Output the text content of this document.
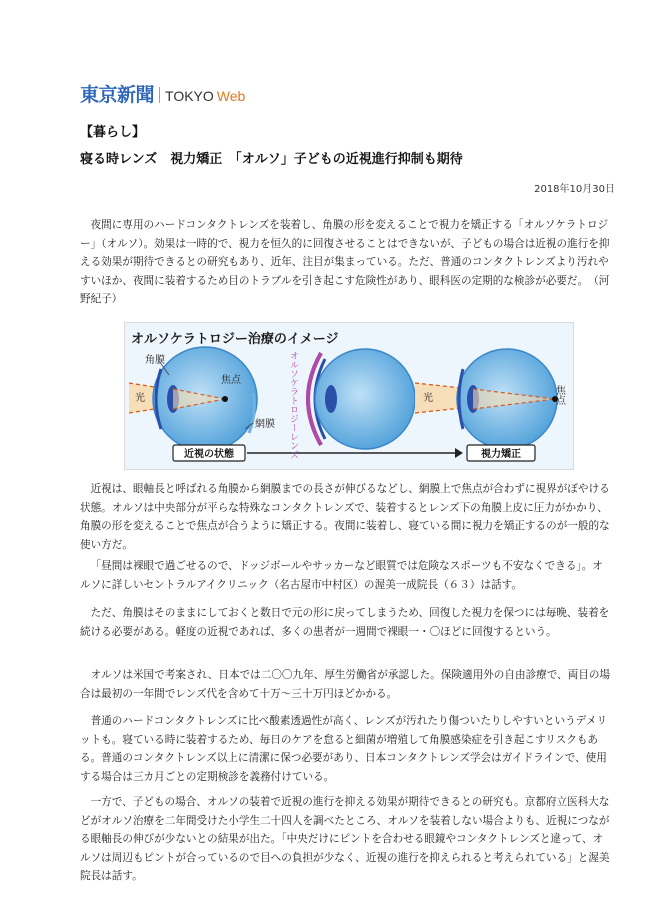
東京新聞 TOKYO Web
【暮らし】
寝る時レンズ　視力矯正　「オルソ」子どもの近視進行抑制も期待
2018年10月30日

夜間に専用のハードコンタクトレンズを装着し、角膜の形を変えることで視力を矯正する「オルソケラトロジー」（オルソ）。効果は一時的で、視力を恒久的に回復させることはできないが、子どもの場合は近視の進行を抑える効果が期待できるとの研究もあり、近年、注目が集まっている。ただ、普通のコンタクトレンズより汚れやすいほか、夜間に装着するため目のトラブルを引き起こす危険性があり、眼科医の定期的な検診が必要だ。　（河野紀子）

オルソケラトロジー治療のイメージ
角膜
光
焦点
網膜
近視の状態	オルソケラトロジーレンズ	光	焦点
視力矯正

近視は、眼軸長と呼ばれる角膜から網膜までの長さが伸びるなどし、網膜上で焦点が合わずに視界がぼやける状態。オルソは中央部分が平らな特殊なコンタクトレンズで、装着するとレンズ下の角膜上皮に圧力がかかり、角膜の形を変えることで焦点が合うように矯正する。夜間に装着し、寝ている間に視力を矯正するのが一般的な使い方だ。

「昼間は裸眼で過ごせるので、ドッジボールやサッカーなど眼質では危険なスポーツも不安なくできる」。オルソに詳しいセントラルアイクリニック（名古屋市中村区）の渥美一成院長（６３）は話す。

ただ、角膜はそのままにしておくと数日で元の形に戻ってしまうため、回復した視力を保つには毎晩、装着を続ける必要がある。軽度の近視であれば、多くの患者が一週間で裸眼一・〇ほどに回復するという。

オルソは米国で考案され、日本では二〇〇九年、厚生労働省が承認した。保険適用外の自由診療で、両目の場合は最初の一年間でレンズ代を含めて十万～三十万円ほどかかる。

普通のハードコンタクトレンズに比べ酸素透過性が高く、レンズが汚れたり傷ついたりしやすいというデメリットも。寝ている時に装着するため、毎日のケアを怠ると細菌が増殖して角膜感染症を引き起こすリスクもある。普通のコンタクトレンズ以上に清潔に保つ必要があり、日本コンタクトレンズ学会はガイドラインで、使用する場合は三カ月ごとの定期検診を義務付けている。

一方で、子どもの場合、オルソの装着で近視の進行を抑える効果が期待できるとの研究も。京都府立医科大などがオルソ治療を二年間受けた小学生二十四人を調べたところ、オルソを装着しない場合よりも、近視につながる眼軸長の伸びが少ないとの結果が出た。「中央だけにピントを合わせる眼鏡やコンタクトレンズと違って、オルソは周辺もピントが合っているので目への負担が少なく、近視の進行を抑えられると考えられている」と渥美院長は話す。
